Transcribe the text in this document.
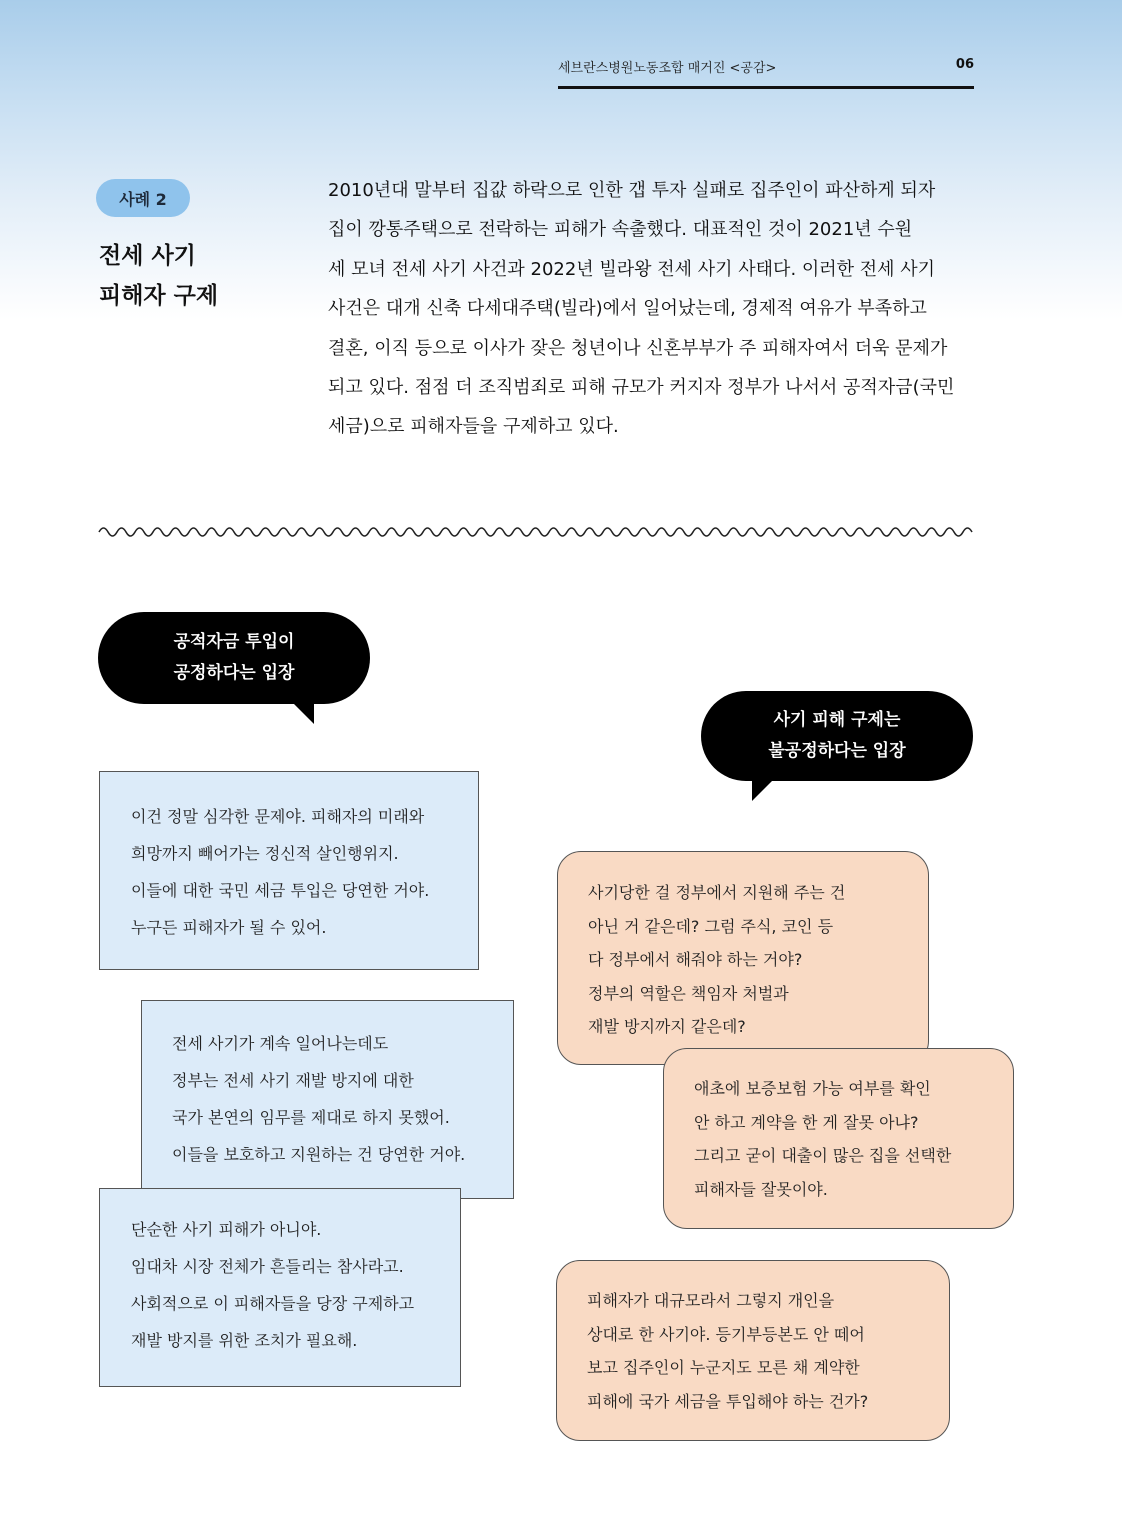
세브란스병원노동조합 매거진 <공감>	06
사례 2
전세 사기
피해자 구제
2010년대 말부터 집값 하락으로 인한 갭 투자 실패로 집주인이 파산하게 되자
집이 깡통주택으로 전락하는 피해가 속출했다. 대표적인 것이 2021년 수원
세 모녀 전세 사기 사건과 2022년 빌라왕 전세 사기 사태다. 이러한 전세 사기
사건은 대개 신축 다세대주택(빌라)에서 일어났는데, 경제적 여유가 부족하고
결혼, 이직 등으로 이사가 잦은 청년이나 신혼부부가 주 피해자여서 더욱 문제가
되고 있다. 점점 더 조직범죄로 피해 규모가 커지자 정부가 나서서 공적자금(국민
세금)으로 피해자들을 구제하고 있다.
공적자금 투입이
공정하다는 입장
사기 피해 구제는
불공정하다는 입장
이건 정말 심각한 문제야. 피해자의 미래와
희망까지 빼어가는 정신적 살인행위지.
이들에 대한 국민 세금 투입은 당연한 거야.
누구든 피해자가 될 수 있어.
전세 사기가 계속 일어나는데도
정부는 전세 사기 재발 방지에 대한
국가 본연의 임무를 제대로 하지 못했어.
이들을 보호하고 지원하는 건 당연한 거야.
단순한 사기 피해가 아니야.
임대차 시장 전체가 흔들리는 참사라고.
사회적으로 이 피해자들을 당장 구제하고
재발 방지를 위한 조치가 필요해.
사기당한 걸 정부에서 지원해 주는 건
아닌 거 같은데? 그럼 주식, 코인 등
다 정부에서 해줘야 하는 거야?
정부의 역할은 책임자 처벌과
재발 방지까지 같은데?
애초에 보증보험 가능 여부를 확인
안 하고 계약을 한 게 잘못 아냐?
그리고 굳이 대출이 많은 집을 선택한
피해자들 잘못이야.
피해자가 대규모라서 그렇지 개인을
상대로 한 사기야. 등기부등본도 안 떼어
보고 집주인이 누군지도 모른 채 계약한
피해에 국가 세금을 투입해야 하는 건가?
